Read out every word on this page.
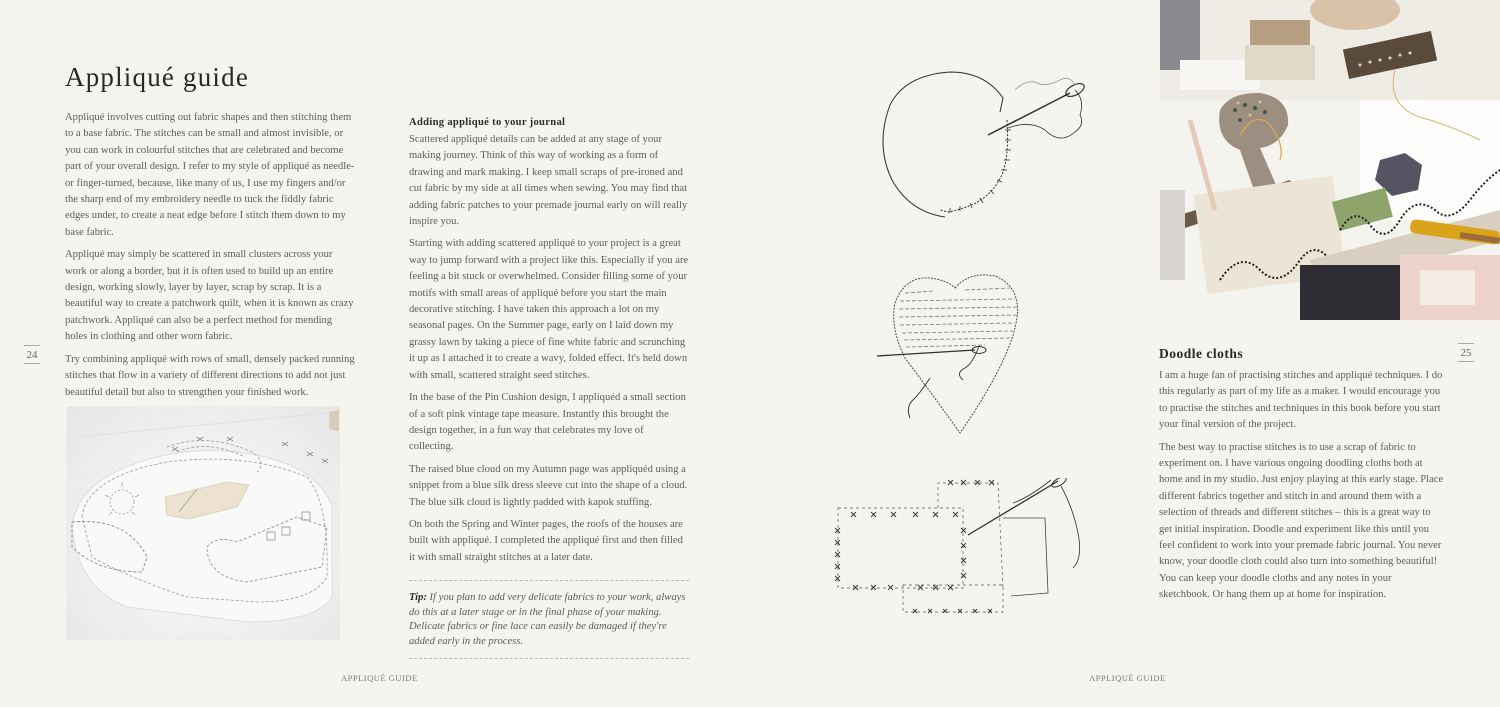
Appliqué guide

Appliqué involves cutting out fabric shapes and then stitching them to a base fabric. The stitches can be small and almost invisible, or you can work in colourful stitches that are celebrated and become part of your overall design. I refer to my style of appliqué as needle- or finger-turned, because, like many of us, I use my fingers and/or the sharp end of my embroidery needle to tuck the fiddly fabric edges under, to create a neat edge before I stitch them down to my base fabric.

Appliqué may simply be scattered in small clusters across your work or along a border, but it is often used to build up an entire design, working slowly, layer by layer, scrap by scrap. It is a beautiful way to create a patchwork quilt, when it is known as crazy patchwork. Appliqué can also be a perfect method for mending holes in clothing and other worn fabric.

Try combining appliqué with rows of small, densely packed running stitches that flow in a variety of different directions to add not just beautiful detail but also to strengthen your finished work.

24
Adding appliqué to your journal

Scattered appliqué details can be added at any stage of your making journey. Think of this way of working as a form of drawing and mark making. I keep small scraps of pre-ironed and cut fabric by my side at all times when sewing. You may find that adding fabric patches to your premade journal early on will really inspire you.

Starting with adding scattered appliqué to your project is a great way to jump forward with a project like this. Especially if you are feeling a bit stuck or overwhelmed. Consider filling some of your motifs with small areas of appliqué before you start the main decorative stitching. I have taken this approach a lot on my seasonal pages. On the Summer page, early on I laid down my grassy lawn by taking a piece of fine white fabric and scrunching it up as I attached it to create a wavy, folded effect. It's held down with small, scattered straight seed stitches.

In the base of the Pin Cushion design, I appliquéd a small section of a soft pink vintage tape measure. Instantly this brought the design together, in a fun way that celebrates my love of collecting.

The raised blue cloud on my Autumn page was appliquéd using a snippet from a blue silk dress sleeve cut into the shape of a cloud. The blue silk cloud is lightly padded with kapok stuffing.

On both the Spring and Winter pages, the roofs of the houses are built with appliqué. I completed the appliqué first and then filled it with small straight stitches at a later date.

Tip: If you plan to add very delicate fabrics to your work, always do this at a later stage or in the final phase of your making. Delicate fabrics or fine lace can easily be damaged if they're added early in the process.
APPLIQUÉ GUIDE
Doodle cloths

I am a huge fan of practising stitches and appliqué techniques. I do this regularly as part of my life as a maker. I would encourage you to practise the stitches and techniques in this book before you start your final version of the project.

The best way to practise stitches is to use a scrap of fabric to experiment on. I have various ongoing doodling cloths both at home and in my studio. Just enjoy playing at this early stage. Place different fabrics together and stitch in and around them with a selection of threads and different stitches – this is a great way to get initial inspiration. Doodle and experiment like this until you feel confident to work into your premade fabric journal. You never know, your doodle cloth could also turn into something beautiful! You can keep your doodle cloths and any notes in your sketchbook. Or hang them up at home for inspiration.

25
APPLIQUÉ GUIDE
